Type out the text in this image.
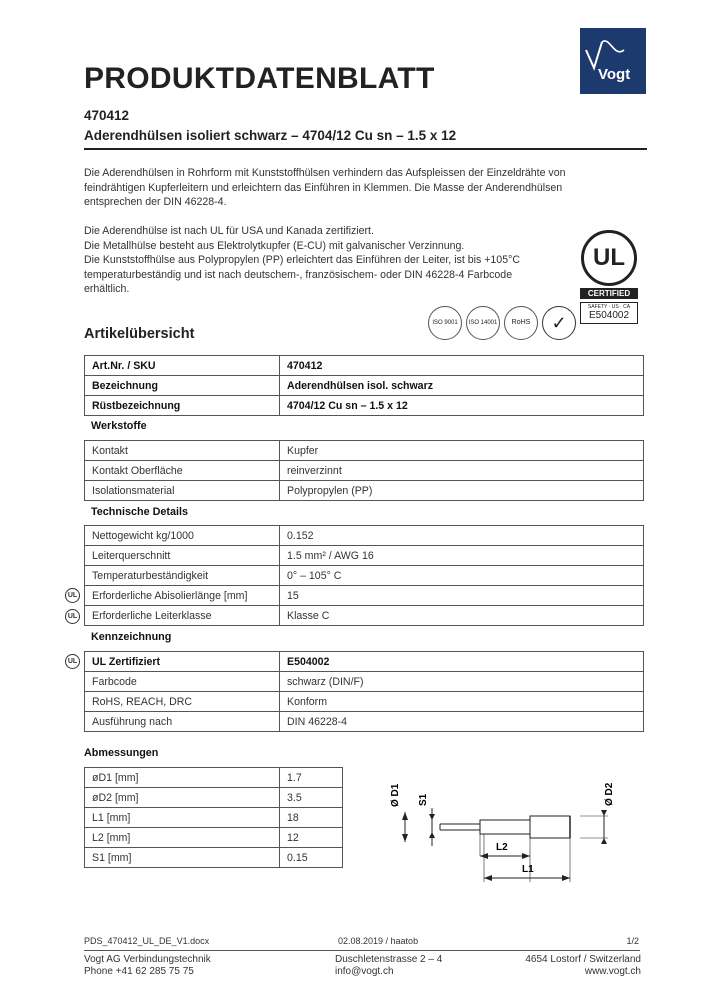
Vogt
PRODUKTDATENBLATT
470412
Aderendhülsen isoliert schwarz – 4704/12 Cu sn – 1.5 x 12
Die Aderendhülsen in Rohrform mit Kunststoffhülsen verhindern das Aufspleissen der Einzeldrähte von
feindrähtigen Kupferleitern und erleichtern das Einführen in Klemmen. Die Masse der Anderendhülsen
entsprechen der DIN 46228-4.
Die Aderendhülse ist nach UL für USA und Kanada zertifiziert.
Die Metallhülse besteht aus Elektrolytkupfer (E-CU) mit galvanischer Verzinnung.
Die Kunststoffhülse aus Polypropylen (PP) erleichtert das Einführen der Leiter, ist bis +105°C
temperaturbeständig und ist nach deutschem-, französischem- oder DIN 46228-4 Farbcode
erhältlich.
UL
CERTIFIED
SAFETY · US · CA
E504002
ISO 9001	ISO 14001	RoHS	✓
Artikelübersicht
Art.Nr. / SKU	470412
Bezeichnung	Aderendhülsen isol. schwarz
Rüstbezeichnung	4704/12 Cu sn – 1.5 x 12
Werkstoffe
Kontakt	Kupfer
Kontakt Oberfläche	reinverzinnt
Isolationsmaterial	Polypropylen (PP)
Technische Details
Nettogewicht kg/1000	0.152
Leiterquerschnitt	1.5 mm² / AWG 16
Temperaturbeständigkeit	0° – 105° C
Erforderliche Abisolierlänge [mm]	15
Erforderliche Leiterklasse	Klasse C
UL
UL
Kennzeichnung
UL Zertifiziert	E504002
Farbcode	schwarz (DIN/F)
RoHS, REACH, DRC	Konform
Ausführung nach	DIN 46228-4
UL
Abmessungen
øD1 [mm]	1.7
øD2 [mm]	3.5
L1 [mm]	18
L2 [mm]	12
S1 [mm]	0.15
Ø D1 S1	Ø D2
L2
L1
PDS_470412_UL_DE_V1.docx	02.08.2019 / haatob	1/2
Vogt AG Verbindungstechnik
Phone +41 62 285 75 75
Duschletenstrasse 2 – 4
info@vogt.ch
4654 Lostorf / Switzerland
www.vogt.ch
